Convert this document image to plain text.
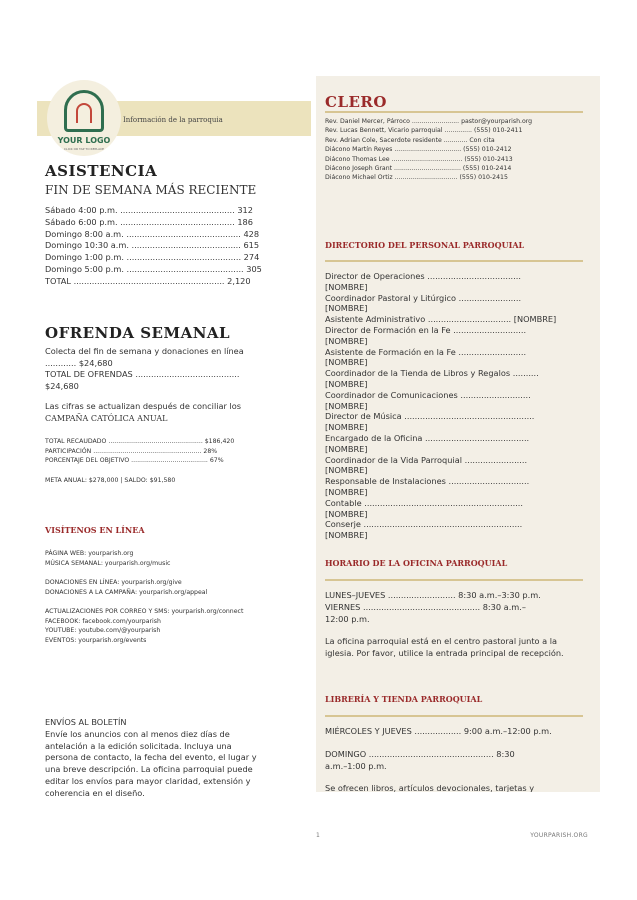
Información de la parroquia
YOUR LOGO
CLICK OR TAP TO REPLACE
ASISTENCIA
FIN DE SEMANA MÁS RECIENTE
Sábado 4:00 p.m. ............................................ 312
Sábado 6:00 p.m. ............................................ 186
Domingo 8:00 a.m. ............................................ 428
Domingo 10:30 a.m. .......................................... 615
Domingo 1:00 p.m. ............................................ 274
Domingo 5:00 p.m. ............................................. 305
TOTAL .......................................................... 2,120
OFRENDA SEMANAL
Colecta del fin de semana y donaciones en línea ............ $24,680
TOTAL DE OFRENDAS ........................................ $24,680
Las cifras se actualizan después de conciliar los
CAMPAÑA CATÓLICA ANUAL
TOTAL RECAUDADO ................................................ $186,420
PARTICIPACIÓN ....................................................... 28%
PORCENTAJE DEL OBJETIVO ....................................... 67%
META ANUAL: $278,000 | SALDO: $91,580
VISÍTENOS EN LÍNEA
PÁGINA WEB: yourparish.org
MÚSICA SEMANAL: yourparish.org/music
DONACIONES EN LÍNEA: yourparish.org/give
DONACIONES A LA CAMPAÑA: yourparish.org/appeal
ACTUALIZACIONES POR CORREO Y SMS: yourparish.org/connect
FACEBOOK: facebook.com/yourparish
YOUTUBE: youtube.com/@yourparish
EVENTOS: yourparish.org/events
ENVÍOS AL BOLETÍN
Envíe los anuncios con al menos diez días de antelación a la edición solicitada. Incluya una persona de contacto, la fecha del evento, el lugar y una breve descripción. La oficina parroquial puede editar los envíos para mayor claridad, extensión y coherencia en el diseño.
CLERO
Rev. Daniel Mercer, Párroco ........................ pastor@yourparish.org
Rev. Lucas Bennett, Vicario parroquial .............. (555) 010-2411
Rev. Adrian Cole, Sacerdote residente ............ Con cita
Diácono Martín Reyes .................................. (555) 010-2412
Diácono Thomas Lee .................................... (555) 010-2413
Diácono Joseph Grant .................................. (555) 010-2414
Diácono Michael Ortiz ................................ (555) 010-2415
DIRECTORIO DEL PERSONAL PARROQUIAL
Director de Operaciones .................................... [NOMBRE]
Coordinador Pastoral y Litúrgico ........................ [NOMBRE]
Asistente Administrativo ................................ [NOMBRE]
Director de Formación en la Fe ............................ [NOMBRE]
Asistente de Formación en la Fe .......................... [NOMBRE]
Coordinador de la Tienda de Libros y Regalos .......... [NOMBRE]
Coordinador de Comunicaciones ........................... [NOMBRE]
Director de Música .................................................. [NOMBRE]
Encargado de la Oficina ........................................ [NOMBRE]
Coordinador de la Vida Parroquial ........................ [NOMBRE]
Responsable de Instalaciones ............................... [NOMBRE]
Contable ............................................................. [NOMBRE]
Conserje ............................................................. [NOMBRE]
HORARIO DE LA OFICINA PARROQUIAL
LUNES–JUEVES .......................... 8:30 a.m.–3:30 p.m.
VIERNES ............................................. 8:30 a.m.–12:00 p.m.
La oficina parroquial está en el centro pastoral junto a la iglesia. Por favor, utilice la entrada principal de recepción.
LIBRERÍA Y TIENDA PARROQUIAL
MIÉRCOLES Y JUEVES .................. 9:00 a.m.–12:00 p.m.
DOMINGO ................................................ 8:30 a.m.–1:00 p.m.
Se ofrecen libros, artículos devocionales, tarjetas y
1	YOURPARISH.ORG
